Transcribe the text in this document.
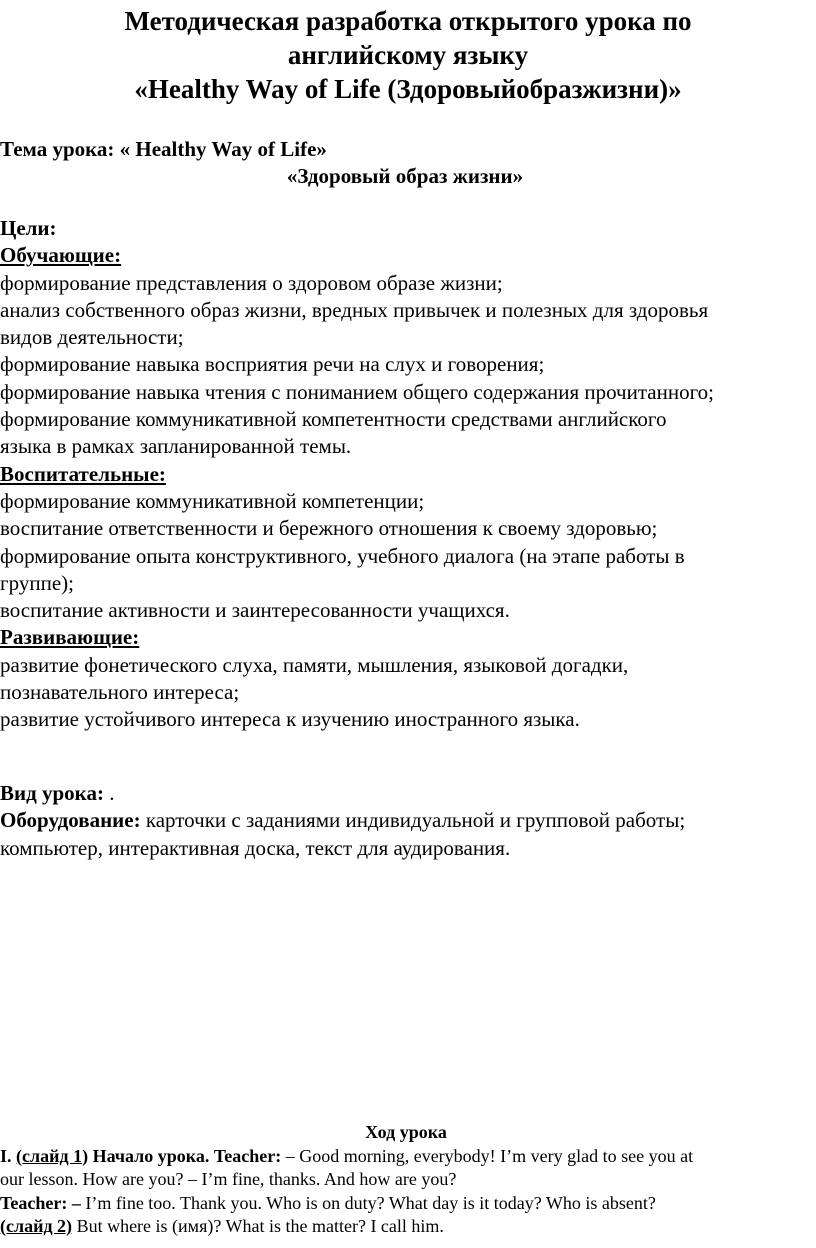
Методическая разработка открытого урока по
английскому языку
«Healthy Way of Life (Здоровыйобразжизни)»
Тема урока: « Healthy Way of Life»
«Здоровый образ жизни»
Цели:
Обучающие:
формирование представления о здоровом образе жизни;
анализ собственного образ жизни, вредных привычек и полезных для здоровья
видов деятельности;
формирование навыка восприятия речи на слух и говорения;
формирование навыка чтения с пониманием общего содержания прочитанного;
формирование коммуникативной компетентности средствами английского
языка в рамках запланированной темы.
Воспитательные:
формирование коммуникативной компетенции;
воспитание ответственности и бережного отношения к своему здоровью;
формирование опыта конструктивного, учебного диалога (на этапе работы в
группе);
воспитание активности и заинтересованности учащихся.
Развивающие:
развитие фонетического слуха, памяти, мышления, языковой догадки,
познавательного интереса;
развитие устойчивого интереса к изучению иностранного языка.
Вид урока: .
Оборудование: карточки с заданиями индивидуальной и групповой работы;
компьютер, интерактивная доска, текст для аудирования.
Ход урока
I. (слайд 1) Начало урока. Teacher: – Good morning, everybody! I’m very glad to see you at
our lesson. How are you? – I’m fine, thanks. And how are you?
Teacher: – I’m fine too. Thank you. Who is on duty? What day is it today? Who is absent?
(слайд 2) But where is (имя)? What is the matter? I call him.
